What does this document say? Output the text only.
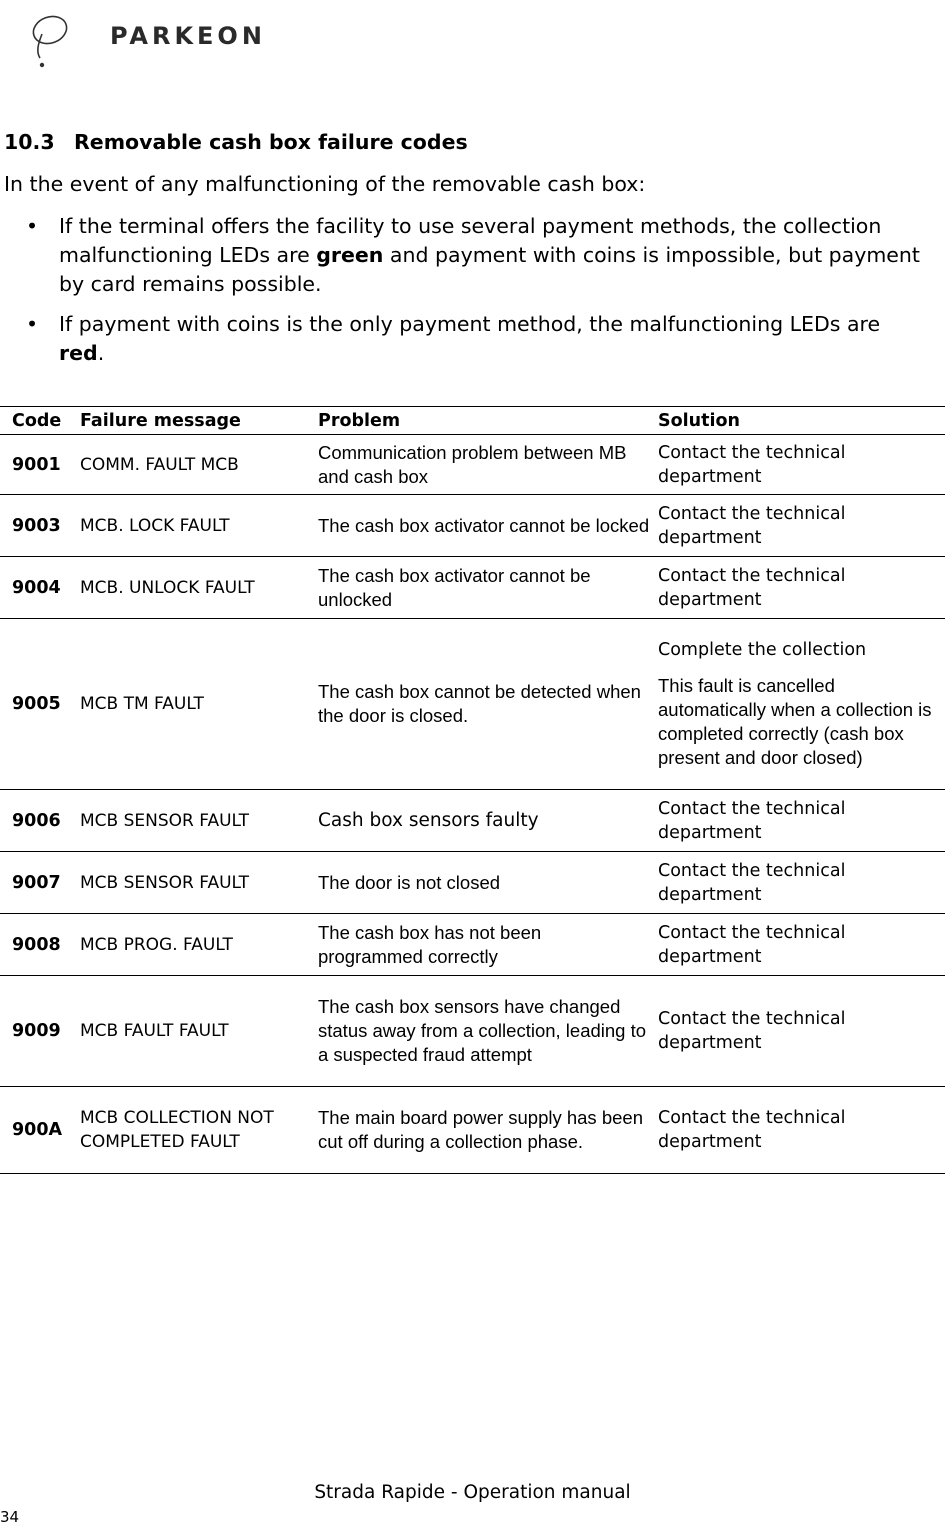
PARKEON
10.3 Removable cash box failure codes

In the event of any malfunctioning of the removable cash box:

• If the terminal offers the facility to use several payment methods, the collection malfunctioning LEDs are green and payment with coins is impossible, but payment by card remains possible.
• If payment with coins is the only payment method, the malfunctioning LEDs are red.
Code	Failure message	Problem	Solution
9001	COMM. FAULT MCB	Communication problem between MB and cash box	Contact the technical department
9003	MCB. LOCK FAULT	The cash box activator cannot be locked	Contact the technical department
9004	MCB. UNLOCK FAULT	The cash box activator cannot be unlocked	Contact the technical department
9005	MCB TM FAULT	The cash box cannot be detected when the door is closed.	Complete the collection
This fault is cancelled automatically when a collection is completed correctly (cash box present and door closed)

9006	MCB SENSOR FAULT	Cash box sensors faulty	Contact the technical department
9007	MCB SENSOR FAULT	The door is not closed	Contact the technical department
9008	MCB PROG. FAULT	The cash box has not been programmed correctly	Contact the technical department
9009	MCB FAULT FAULT	The cash box sensors have changed status away from a collection, leading to a suspected fraud attempt	Contact the technical department
900A	MCB COLLECTION NOT COMPLETED FAULT	The main board power supply has been cut off during a collection phase.	Contact the technical department
Strada Rapide - Operation manual
34
